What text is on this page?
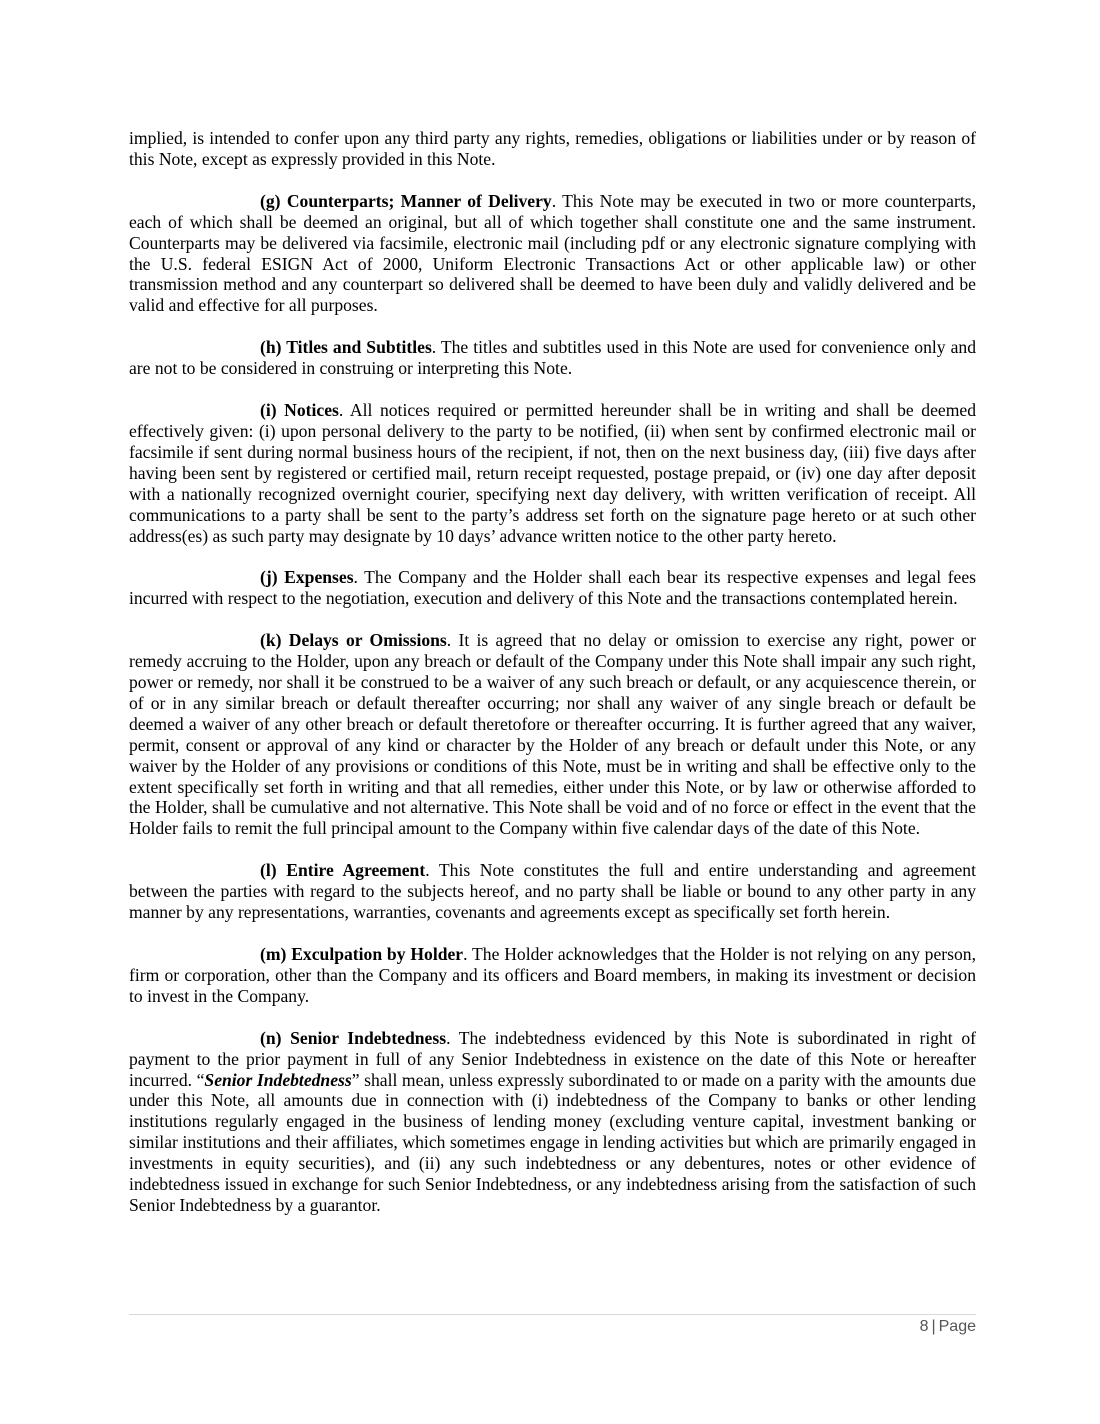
implied, is intended to confer upon any third party any rights, remedies, obligations or liabilities under or by reason of this Note, except as expressly provided in this Note.

(g) Counterparts; Manner of Delivery. This Note may be executed in two or more counterparts, each of which shall be deemed an original, but all of which together shall constitute one and the same instrument. Counterparts may be delivered via facsimile, electronic mail (including pdf or any electronic signature complying with the U.S. federal ESIGN Act of 2000, Uniform Electronic Transactions Act or other applicable law) or other transmission method and any counterpart so delivered shall be deemed to have been duly and validly delivered and be valid and effective for all purposes.

(h) Titles and Subtitles. The titles and subtitles used in this Note are used for convenience only and are not to be considered in construing or interpreting this Note.

(i) Notices. All notices required or permitted hereunder shall be in writing and shall be deemed effectively given: (i) upon personal delivery to the party to be notified, (ii) when sent by confirmed electronic mail or facsimile if sent during normal business hours of the recipient, if not, then on the next business day, (iii) five days after having been sent by registered or certified mail, return receipt requested, postage prepaid, or (iv) one day after deposit with a nationally recognized overnight courier, specifying next day delivery, with written verification of receipt. All communications to a party shall be sent to the party’s address set forth on the signature page hereto or at such other address(es) as such party may designate by 10 days’ advance written notice to the other party hereto.

(j) Expenses. The Company and the Holder shall each bear its respective expenses and legal fees incurred with respect to the negotiation, execution and delivery of this Note and the transactions contemplated herein.

(k) Delays or Omissions. It is agreed that no delay or omission to exercise any right, power or remedy accruing to the Holder, upon any breach or default of the Company under this Note shall impair any such right, power or remedy, nor shall it be construed to be a waiver of any such breach or default, or any acquiescence therein, or of or in any similar breach or default thereafter occurring; nor shall any waiver of any single breach or default be deemed a waiver of any other breach or default theretofore or thereafter occurring. It is further agreed that any waiver, permit, consent or approval of any kind or character by the Holder of any breach or default under this Note, or any waiver by the Holder of any provisions or conditions of this Note, must be in writing and shall be effective only to the extent specifically set forth in writing and that all remedies, either under this Note, or by law or otherwise afforded to the Holder, shall be cumulative and not alternative. This Note shall be void and of no force or effect in the event that the Holder fails to remit the full principal amount to the Company within five calendar days of the date of this Note.

(l) Entire Agreement. This Note constitutes the full and entire understanding and agreement between the parties with regard to the subjects hereof, and no party shall be liable or bound to any other party in any manner by any representations, warranties, covenants and agreements except as specifically set forth herein.

(m) Exculpation by Holder. The Holder acknowledges that the Holder is not relying on any person, firm or corporation, other than the Company and its officers and Board members, in making its investment or decision to invest in the Company.

(n) Senior Indebtedness. The indebtedness evidenced by this Note is subordinated in right of payment to the prior payment in full of any Senior Indebtedness in existence on the date of this Note or hereafter incurred. “Senior Indebtedness” shall mean, unless expressly subordinated to or made on a parity with the amounts due under this Note, all amounts due in connection with (i) indebtedness of the Company to banks or other lending institutions regularly engaged in the business of lending money (excluding venture capital, investment banking or similar institutions and their affiliates, which sometimes engage in lending activities but which are primarily engaged in investments in equity securities), and (ii) any such indebtedness or any debentures, notes or other evidence of indebtedness issued in exchange for such Senior Indebtedness, or any indebtedness arising from the satisfaction of such Senior Indebtedness by a guarantor.

8 | Page
